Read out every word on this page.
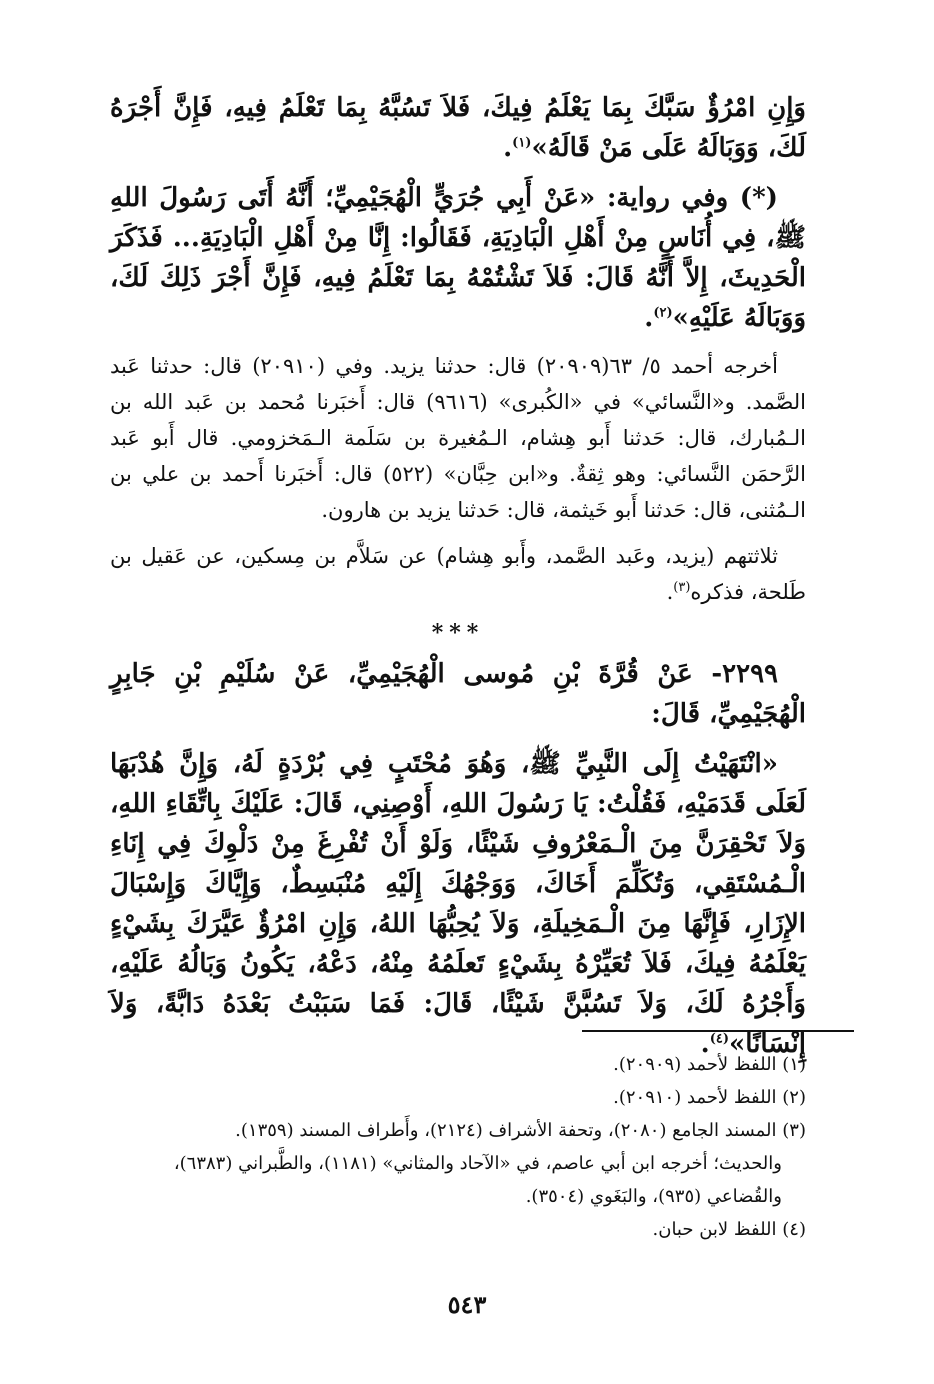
وَإِنِ امْرُؤٌ سَبَّكَ بِمَا يَعْلَمُ فِيكَ، فَلاَ تَسُبَّهُ بِمَا تَعْلَمُ فِيهِ، فَإِنَّ أَجْرَهُ لَكَ، وَوَبَالَهُ عَلَى مَنْ قَالَهُ»$^{(١)}$.

(*) وفي رواية: «عَنْ أَبِي جُرَيٍّ الْهُجَيْمِيِّ؛ أَنَّهُ أَتَى رَسُولَ اللهِ ﷺ، فِي أُنَاسٍ مِنْ أَهْلِ الْبَادِيَةِ، فَقَالُوا: إِنَّا مِنْ أَهْلِ الْبَادِيَةِ... فَذَكَرَ الْحَدِيثَ، إِلاَّ أَنَّهُ قَالَ: فَلاَ تَشْتُمْهُ بِمَا تَعْلَمُ فِيهِ، فَإِنَّ أَجْرَ ذَلِكَ لَكَ، وَوَبَالَهُ عَلَيْهِ»$^{(٢)}$.

أخرجه أحمد ٥/ ٦٣(٢٠٩٠٩) قال: حدثنا يزيد. وفي (٢٠٩١٠) قال: حدثنا عَبد الصَّمد. و«النَّسائي» في «الكُبرى» (٩٦١٦) قال: أَخبَرنا مُحمد بن عَبد الله بن الـمُبارك، قال: حَدثنا أَبو هِشام، الـمُغيرة بن سَلَمة الـمَخزومي. قال أَبو عَبد الرَّحمَن النَّسائي: وهو ثِقةٌ. و«ابن حِبَّان» (٥٢٢) قال: أَخبَرنا أَحمد بن علي بن الـمُثنى، قال: حَدثنا أَبو خَيثمة، قال: حَدثنا يزيد بن هارون.

ثلاثتهم (يزيد، وعَبد الصَّمد، وأَبو هِشام) عن سَلاَّم بن مِسكين، عن عَقيل بن طَلحة، فذكره$^{(٣)}$.

***

٢٢٩٩- عَنْ قُرَّةَ بْنِ مُوسى الْهُجَيْمِيِّ، عَنْ سُلَيْمِ بْنِ جَابِرٍ الْهُجَيْمِيِّ، قَالَ:

«انْتَهَيْتُ إِلَى النَّبِيِّ ﷺ، وَهُوَ مُحْتَبٍ فِي بُرْدَةٍ لَهُ، وَإِنَّ هُدْبَهَا لَعَلَى قَدَمَيْهِ، فَقُلْتُ: يَا رَسُولَ اللهِ، أَوْصِنِي، قَالَ: عَلَيْكَ بِاتِّقَاءِ اللهِ، وَلاَ تَحْقِرَنَّ مِنَ الْـمَعْرُوفِ شَيْئًا، وَلَوْ أَنْ تُفْرِغَ مِنْ دَلْوِكَ فِي إِنَاءِ الْـمُسْتَقِي، وَتُكَلِّمَ أَخَاكَ، وَوَجْهُكَ إِلَيْهِ مُنْبَسِطٌ، وَإِيَّاكَ وَإِسْبَالَ الإِزَارِ، فَإِنَّهَا مِنَ الْـمَخِيلَةِ، وَلاَ يُحِبُّهَا اللهُ، وَإِنِ امْرُؤٌ عَيَّرَكَ بِشَيْءٍ يَعْلَمُهُ فِيكَ، فَلاَ تُعَيِّرْهُ بِشَيْءٍ تَعلَمُهُ مِنْهُ، دَعْهُ، يَكُونُ وَبَالُهُ عَلَيْهِ، وَأَجْرُهُ لَكَ، وَلاَ تَسُبَّنَّ شَيْئًا، قَالَ: فَمَا سَبَبْتُ بَعْدَهُ دَابَّةً، وَلاَ إِنْسَانًا»$^{(٤)}$.

(١) اللفظ لأحمد (٢٠٩٠٩).

(٢) اللفظ لأحمد (٢٠٩١٠).

(٣) المسند الجامع (٢٠٨٠)، وتحفة الأشراف (٢١٢٤)، وأَطراف المسند (١٣٥٩).

والحديث؛ أخرجه ابن أبي عاصم، في «الآحاد والمثاني» (١١٨١)، والطَّبراني (٦٣٨٣)، والقُضاعي (٩٣٥)، والبَغَوي (٣٥٠٤).

(٤) اللفظ لابن حبان.

٥٤٣
